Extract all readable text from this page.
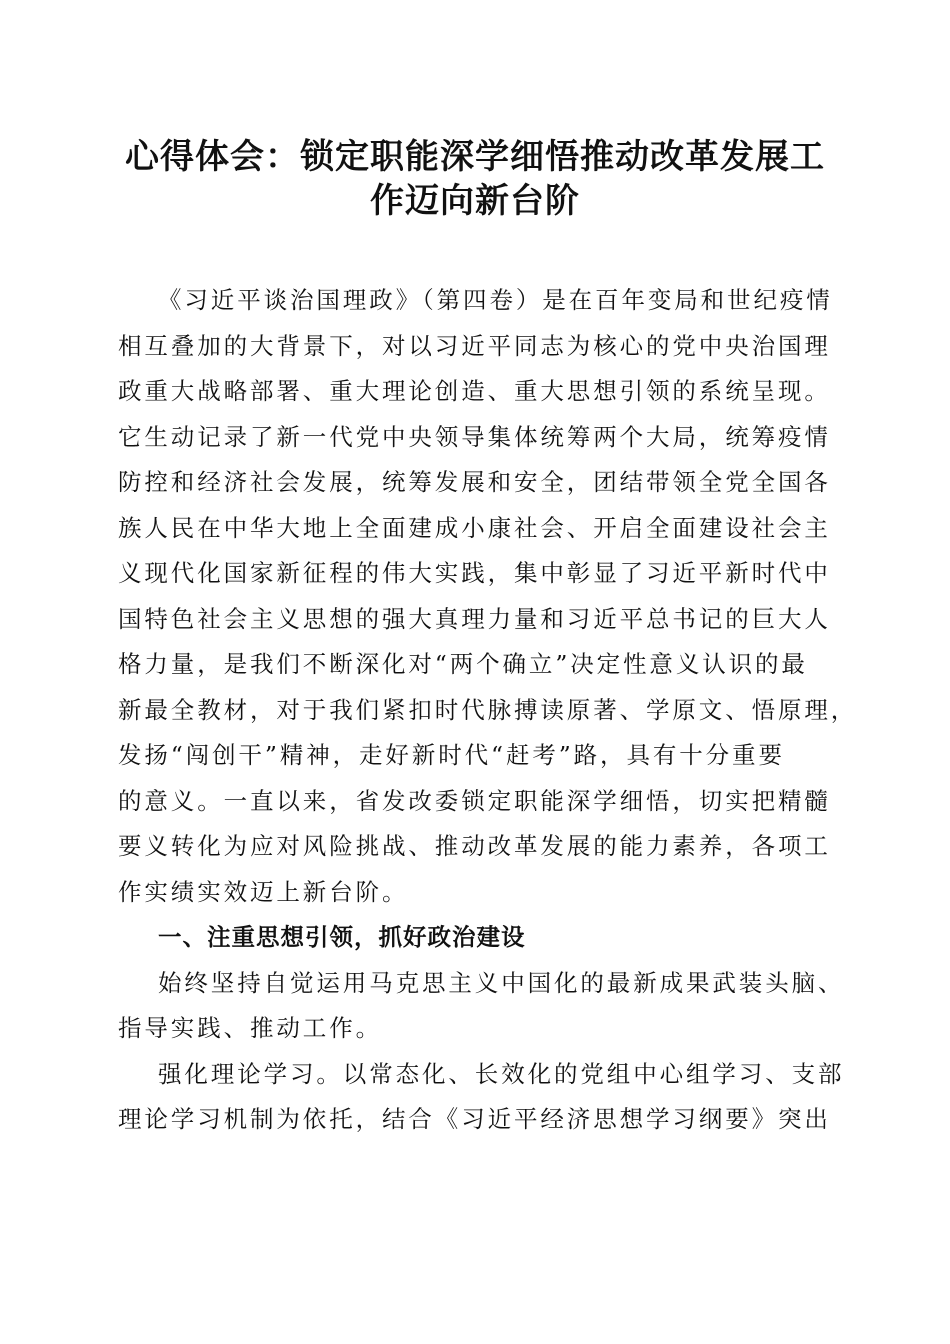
心得体会：锁定职能深学细悟推动改革发展工
作迈向新台阶
《习近平谈治国理政》（第四卷）是在百年变局和世纪疫情
相互叠加的大背景下，对以习近平同志为核心的党中央治国理
政重大战略部署、重大理论创造、重大思想引领的系统呈现。
它生动记录了新一代党中央领导集体统筹两个大局，统筹疫情
防控和经济社会发展，统筹发展和安全，团结带领全党全国各
族人民在中华大地上全面建成小康社会、开启全面建设社会主
义现代化国家新征程的伟大实践，集中彰显了习近平新时代中
国特色社会主义思想的强大真理力量和习近平总书记的巨大人
格力量，是我们不断深化对“两个确立”决定性意义认识的最
新最全教材，对于我们紧扣时代脉搏读原著、学原文、悟原理，
发扬“闯创干”精神，走好新时代“赶考”路，具有十分重要
的意义。一直以来，省发改委锁定职能深学细悟，切实把精髓
要义转化为应对风险挑战、推动改革发展的能力素养，各项工
作实绩实效迈上新台阶。
一、注重思想引领，抓好政治建设
始终坚持自觉运用马克思主义中国化的最新成果武装头脑、
指导实践、推动工作。
强化理论学习。以常态化、长效化的党组中心组学习、支部
理论学习机制为依托，结合《习近平经济思想学习纲要》突出
